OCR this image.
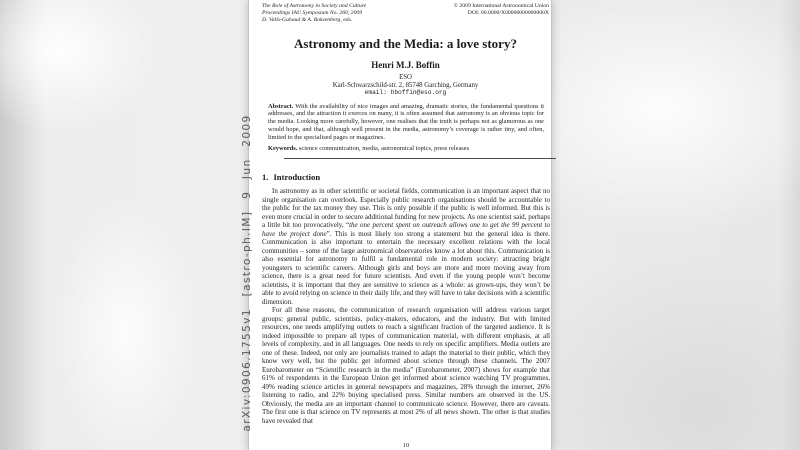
The Role of Astronomy in Society and Culture
Proceedings IAU Symposium No. 260, 2009
D. Valls-Gabaud & A. Boksenberg, eds.
© 2009 International Astronomical Union
DOI: 00.0000/X00000000000000X
Astronomy and the Media: a love story?
Henri M.J. Boffin
ESO
Karl-Schwarzschild-str. 2, 85748 Garching, Germany
email: hboffin@eso.org
Abstract. With the availability of nice images and amazing, dramatic stories, the fundamental questions it addresses, and the attraction it exerces on many, it is often assumed that astronomy is an obvious topic for the media. Looking more carefully, however, one realises that the truth is perhaps not as glamorous as one would hope, and that, although well present in the media, astronomy’s coverage is rather tiny, and often, limited to the specialised pages or magazines.
Keywords. science communication, media, astronomical topics, press releases
1. Introduction

In astronomy as in other scientific or societal fields, communication is an important aspect that no single organisation can overlook. Especially public research organisations should be accountable to the public for the tax money they use. This is only possible if the public is well informed. But this is even more crucial in order to secure additional funding for new projects. As one scientist said, perhaps a little bit too provocatively, “the one percent spent on outreach allows one to get the 99 percent to have the project done”. This is most likely too strong a statement but the general idea is there. Communication is also important to entertain the necessary excellent relations with the local communities – some of the large astronomical observatories know a lot about this. Communication is also essential for astronomy to fulfil a fundamental role in modern society: attracting bright youngsters to scientific careers. Although girls and boys are more and more moving away from science, there is a great need for future scientists. And even if the young people won’t become scientists, it is important that they are sensitive to science as a whole: as grown-ups, they won’t be able to avoid relying on science in their daily life, and they will have to take decisions with a scientific dimension.

For all these reasons, the communication of research organisation will address various target groups: general public, scientists, policy-makers, educators, and the industry. But with limited resources, one needs amplifying outlets to reach a significant fraction of the targeted audience. It is indeed impossible to prepare all types of communication material, with different emphasis, at all levels of complexity, and in all languages. One needs to rely on specific amplifiers. Media outlets are one of these. Indeed, not only are journalists trained to adapt the material to their public, which they know very well, but the public get informed about science through these channels. The 2007 Eurobarometer on “Scientific research in the media” (Eurobarometer, 2007) shows for example that 61% of respondents in the European Union get informed about science watching TV programmes, 49% reading science articles in general newspapers and magazines, 28% through the internet, 26% listening to radio, and 22% buying specialised press. Similar numbers are observed in the US. Obviously, the media are an important channel to communicate science. However, there are caveats. The first one is that science on TV represents at most 2% of all news shown. The other is that studies have revealed that

10
arXiv:0906.1755v1 [astro-ph.IM] 9 Jun 2009
